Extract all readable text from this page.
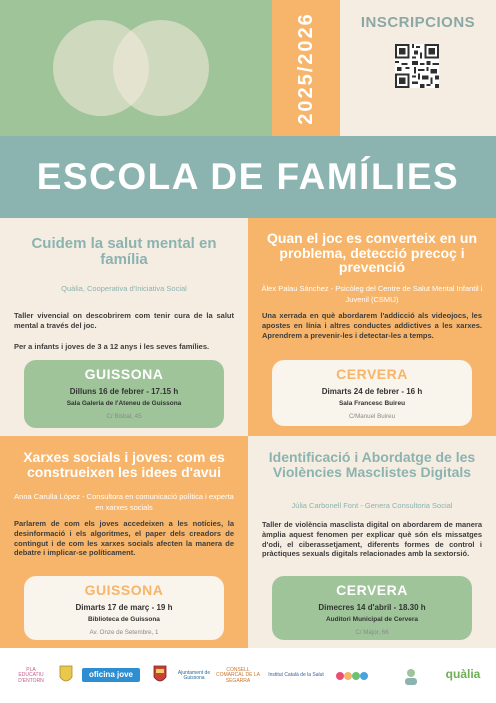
2025/2026	INSCRIPCIONS
ESCOLA DE FAMÍLIES
Cuidem la salut mental en família
Quàlia, Cooperativa d'Iniciativa Social
Taller vivencial on descobrirem com tenir cura de la salut mental a través del joc.
Per a infants i joves de 3 a 12 anys i les seves famílies.
GUISSONA
Dilluns 16 de febrer - 17.15 h
Sala Galeria de l'Ateneu de Guissona
C/ Bisbal, 45
Quan el joc es converteix en un problema, detecció precoç i prevenció
Àlex Palau Sánchez - Psicòleg del Centre de Salut Mental Infantil i Juvenil (CSMIJ)
Una xerrada en què abordarem l'addicció als videojocs, les apostes en línia i altres conductes addictives a les xarxes. Aprendrem a prevenir-les i detectar-les a temps.
CERVERA
Dimarts 24 de febrer - 16 h
Sala Francesc Buireu
C/Manuel Buireu
Xarxes socials i joves: com es construeixen les idees d'avui
Anna Carulla López - Consultora en comunicació política i experta en xarxes socials
Parlarem de com els joves accedeixen a les notícies, la desinformació i els algoritmes, el paper dels creadors de contingut i de com les xarxes socials afecten la manera de debatre i implicar-se políticament.
GUISSONA
Dimarts 17 de març - 19 h
Biblioteca de Guissona
Av. Onze de Setembre, 1
Identificació i Abordatge de les Violències Masclistes Digitals
Júlia Carbonell Font - Genera Consultoria Social
Taller de violència masclista digital on abordarem de manera àmplia aquest fenomen per explicar què són els missatges d'odi, el ciberassetjament, diferents formes de control i pràctiques sexuals digitals relacionades amb la sextorsió.
CERVERA
Dimecres 14 d'abril - 18.30 h
Auditori Municipal de Cervera
C/ Major, 66
PLA EDUCATIU D'ENTORN
oficina jove	Ajuntament de Guissona
CONSELL COMARCAL DE LA SEGARRA
Institut Català de la Salut	quàlia
